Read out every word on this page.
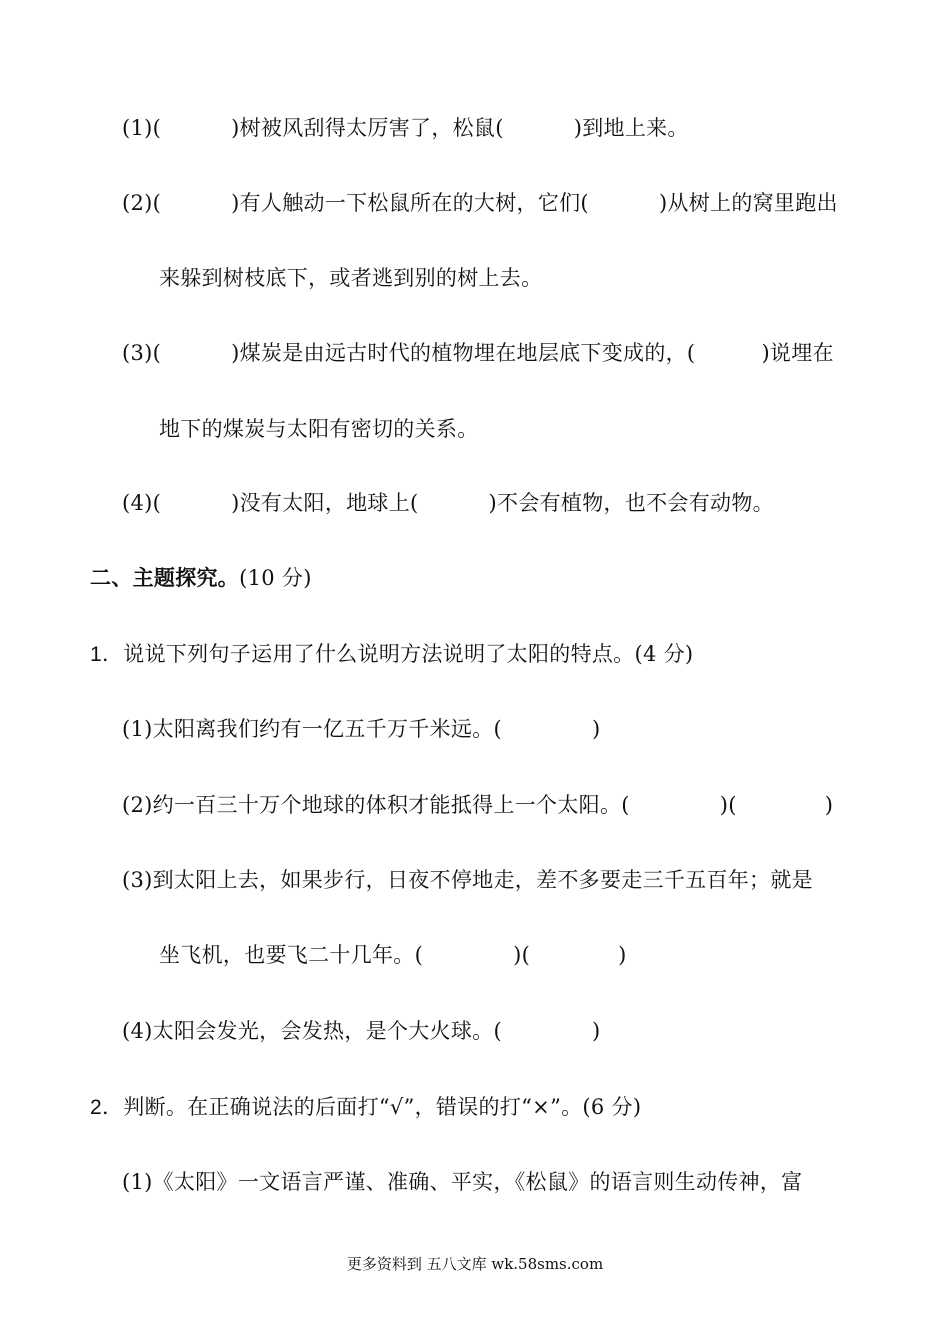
(1)(	)树被风刮得太厉害了，松鼠(	)到地上来。
(2)(	)有人触动一下松鼠所在的大树，它们(	)从树上的窝里跑出
来躲到树枝底下，或者逃到别的树上去。
(3)(	)煤炭是由远古时代的植物埋在地层底下变成的，(	)说埋在
地下的煤炭与太阳有密切的关系。
(4)(	)没有太阳，地球上(	)不会有植物，也不会有动物。
二、主题探究。(10 分)
1．说说下列句子运用了什么说明方法说明了太阳的特点。(4 分)
(1)太阳离我们约有一亿五千万千米远。(	)
(2)约一百三十万个地球的体积才能抵得上一个太阳。(	)(	)
(3)到太阳上去，如果步行，日夜不停地走，差不多要走三千五百年；就是
坐飞机，也要飞二十几年。(	)(	)
(4)太阳会发光，会发热，是个大火球。(	)
2．判断。在正确说法的后面打“√”，错误的打“×”。(6 分)
(1)《太阳》一文语言严谨、准确、平实，《松鼠》的语言则生动传神，富
更多资料到 五八文库 wk.58sms.com
